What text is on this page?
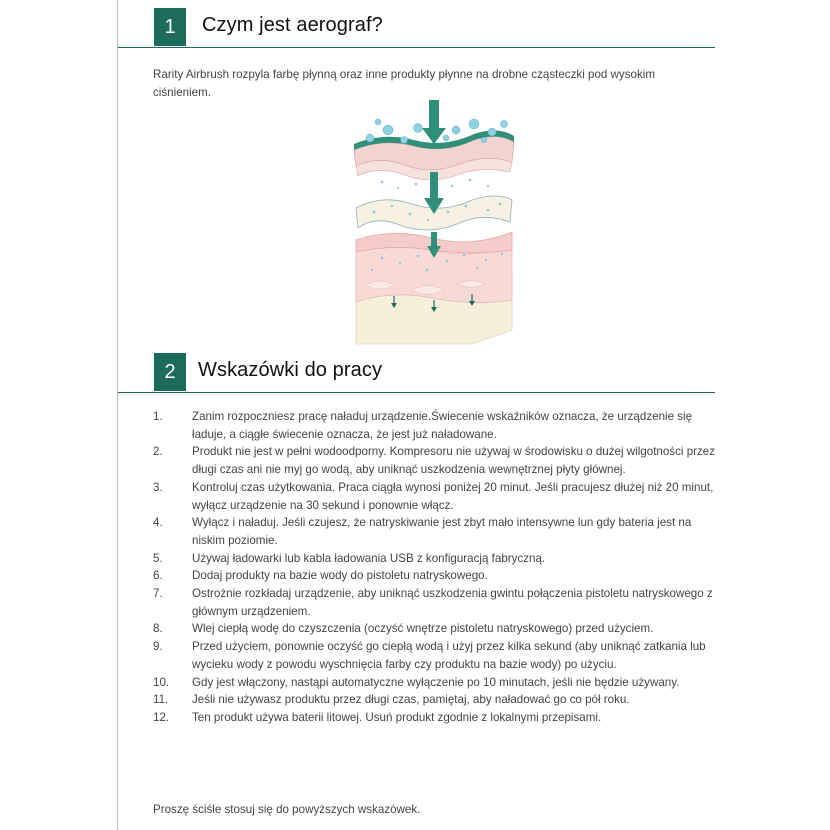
1	Czym jest aerograf?
Rarity Airbrush rozpyla farbę płynną oraz inne produkty płynne na drobne cząsteczki pod wysokim ciśnieniem.
2	Wskazówki do pracy
1.	Zanim rozpoczniesz pracę naładuj urządzenie.Świecenie wskaźników oznacza, że urządzenie się ładuje, a ciągłe świecenie oznacza, że jest już naładowane.
2.	Produkt nie jest w pełni wodoodporny. Kompresoru nie używaj w środowisku o dużej wilgotności przez długi czas ani nie myj go wodą, aby uniknąć uszkodzenia wewnętrznej płyty głównej.
3.	Kontroluj czas użytkowania. Praca ciągła wynosi poniżej 20 minut. Jeśli pracujesz dłużej niż 20 minut, wyłącz urządzenie na 30 sekund i ponownie włącz.
4.	Wyłącz i naładuj. Jeśli czujesz, że natryskiwanie jest zbyt mało intensywne lun gdy bateria jest na niskim poziomie.
5.	Używaj ładowarki lub kabla ładowania USB z konfiguracją fabryczną.
6.	Dodaj produkty na bazie wody do pistoletu natryskowego.
7.	Ostrożnie rozkładaj urządzenie, aby uniknąć uszkodzenia gwintu połączenia pistoletu natryskowego z głównym urządzeniem.
8.	Wlej ciepłą wodę do czyszczenia (oczyść wnętrze pistoletu natryskowego) przed użyciem.
9.	Przed użyciem, ponownie oczyść go ciepłą wodą i użyj przez kilka sekund (aby uniknąć zatkania lub wycieku wody z powodu wyschnięcia farby czy produktu na bazie wody) po użyciu.
10. Gdy jest włączony, nastąpi automatyczne wyłączenie po 10 minutach, jeśli nie będzie używany.
11. Jeśli nie używasz produktu przez długi czas, pamiętaj, aby naładować go co pół roku.
12. Ten produkt używa baterii litowej. Usuń produkt zgodnie z lokalnymi przepisami.
Proszę ściśle stosuj się do powyższych wskazówek.
